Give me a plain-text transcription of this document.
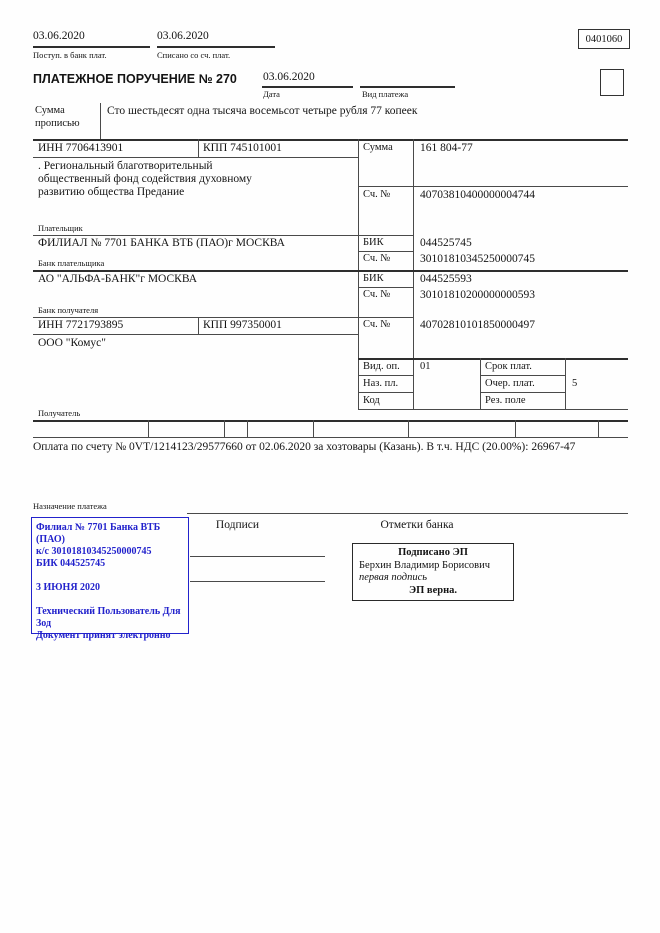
03.06.2020
Поступ. в банк плат.
03.06.2020
Списано со сч. плат.
0401060
ПЛАТЕЖНОЕ ПОРУЧЕНИЕ № 270 03.06.2020
Дата	Вид платежа
Сумма прописью
Сто шестьдесят одна тысяча восемьсот четыре рубля 77 копеек
ИНН 7706413901	КПП 745101001
. Региональный благотворительный общественный фонд содействия духовному развитию общества Предание
Плательщик
Сумма 161 804-77
Сч. №	40703810400000004744
ФИЛИАЛ № 7701 БАНКА ВТБ (ПАО)г МОСКВА
Банк плательщика
БИК	044525745
Сч. №	30101810345250000745
АО "АЛЬФА-БАНК"г МОСКВА
Банк получателя
БИК	044525593
Сч. №	30101810200000000593
ИНН 7721793895	КПП 997350001	Сч. №	40702810101850000497
ООО "Комус"
Получатель
Вид. оп. 01	Срок плат.
Наз. пл.	Очер. плат.	5
Код	Рез. поле
Оплата по счету № 0VT/1214123/29577660 от 02.06.2020 за хозтовары (Казань). В т.ч. НДС (20.00%): 26967-47
Назначение платежа
Подписи	Отметки банка
Филиал № 7701 Банка ВТБ (ПАО)
к/с 30101810345250000745
БИК 044525745
3 ИЮНЯ 2020
Технический Пользователь Для
Зод
Документ принят электронно
Подписано ЭП
Берхин Владимир Борисович
первая подпись
ЭП верна.
